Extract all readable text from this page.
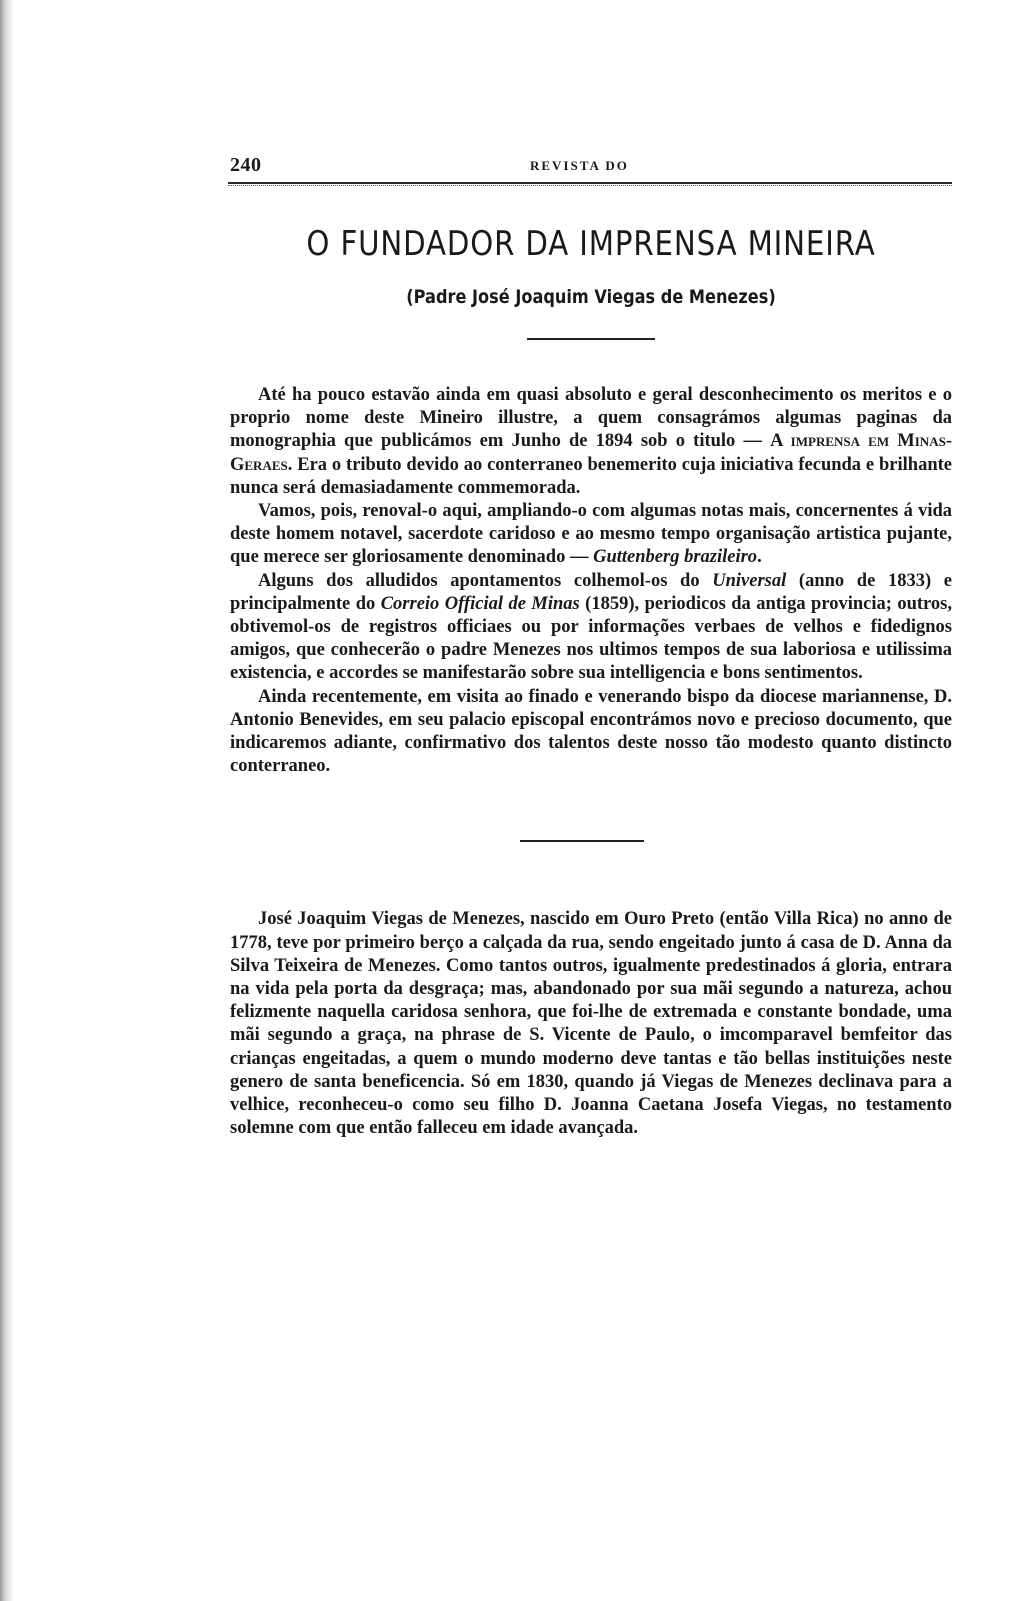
240	REVISTA DO
O FUNDADOR DA IMPRENSA MINEIRA
(Padre José Joaquim Viegas de Menezes)

Até ha pouco estavão ainda em quasi absoluto e geral desconhecimento os meritos e o proprio nome deste Mineiro illustre, a quem consagrámos algumas paginas da monographia que publicámos em Junho de 1894 sob o titulo — A imprensa em Minas-Geraes. Era o tributo devido ao conterraneo benemerito cuja iniciativa fecunda e brilhante nunca será demasiadamente commemorada.

Vamos, pois, renoval-o aqui, ampliando-o com algumas notas mais, concernentes á vida deste homem notavel, sacerdote caridoso e ao mesmo tempo organisação artistica pujante, que merece ser gloriosamente denominado — Guttenberg brazileiro.

Alguns dos alludidos apontamentos colhemol-os do Universal (anno de 1833) e principalmente do Correio Official de Minas (1859), periodicos da antiga provincia; outros, obtivemol-os de registros officiaes ou por informações verbaes de velhos e fidedignos amigos, que conhecerão o padre Menezes nos ultimos tempos de sua laboriosa e utilissima existencia, e accordes se manifestarão sobre sua intelligencia e bons sentimentos.

Ainda recentemente, em visita ao finado e venerando bispo da diocese mariannense, D. Antonio Benevides, em seu palacio episcopal encontrámos novo e precioso documento, que indicaremos adiante, confirmativo dos talentos deste nosso tão modesto quanto distincto conterraneo.

José Joaquim Viegas de Menezes, nascido em Ouro Preto (então Villa Rica) no anno de 1778, teve por primeiro berço a calçada da rua, sendo engeitado junto á casa de D. Anna da Silva Teixeira de Menezes. Como tantos outros, igualmente predestinados á gloria, entrara na vida pela porta da desgraça; mas, abandonado por sua mãi segundo a natureza, achou felizmente naquella caridosa senhora, que foi-lhe de extremada e constante bondade, uma mãi segundo a graça, na phrase de S. Vicente de Paulo, o imcomparavel bemfeitor das crianças engeitadas, a quem o mundo moderno deve tantas e tão bellas instituições neste genero de santa beneficencia. Só em 1830, quando já Viegas de Menezes declinava para a velhice, reconheceu-o como seu filho D. Joanna Caetana Josefa Viegas, no testamento solemne com que então falleceu em idade avançada.
